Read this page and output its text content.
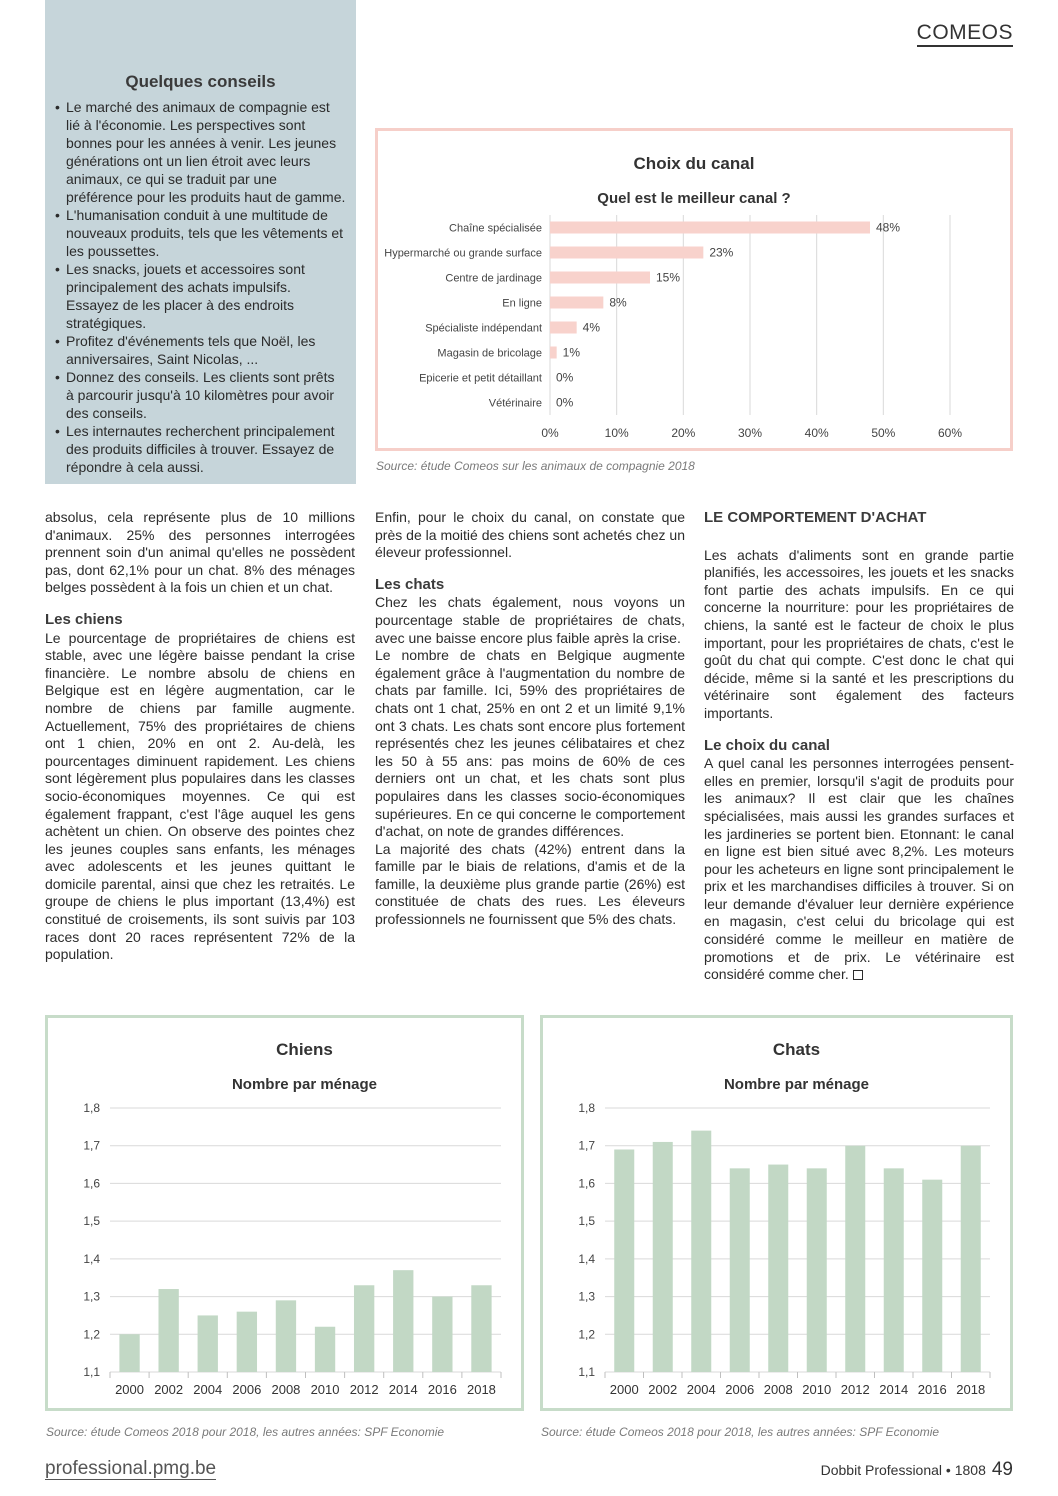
COMEOS
Quelques conseils
• Le marché des animaux de compagnie est lié à l'économie. Les perspectives sont bonnes pour les années à venir. Les jeunes générations ont un lien étroit avec leurs animaux, ce qui se traduit par une préférence pour les produits haut de gamme.
• L'humanisation conduit à une multitude de nouveaux produits, tels que les vêtements et les poussettes.
• Les snacks, jouets et accessoires sont principalement des achats impulsifs. Essayez de les placer à des endroits stratégiques.
• Profitez d'événements tels que Noël, les anniversaires, Saint Nicolas, ...
• Donnez des conseils. Les clients sont prêts à parcourir jusqu'à 10 kilomètres pour avoir des conseils.
• Les internautes recherchent principalement des produits difficiles à trouver. Essayez de répondre à cela aussi.
Choix du canal
Quel est le meilleur canal ?
0%	10%	20%	30%	40%	50%	60%
Chaîne spécialisée	48%
Hypermarché ou grande surface	23%
Centre de jardinage	15%
En ligne	8%
Spécialiste indépendant	4%
Magasin de bricolage 1%
Epicerie et petit détaillant 0%
Vétérinaire 0%
Source: étude Comeos sur les animaux de compagnie 2018

absolus, cela représente plus de 10 millions d'animaux. 25% des personnes interrogées prennent soin d'un animal qu'elles ne possèdent pas, dont 62,1% pour un chat. 8% des ménages belges possèdent à la fois un chien et un chat.

Les chiens

Le pourcentage de propriétaires de chiens est stable, avec une légère baisse pendant la crise financière. Le nombre absolu de chiens en Belgique est en légère augmentation, car le nombre de chiens par famille augmente. Actuellement, 75% des propriétaires de chiens ont 1 chien, 20% en ont 2. Au-delà, les pourcentages diminuent rapidement. Les chiens sont légèrement plus populaires dans les classes socio-économiques moyennes. Ce qui est également frappant, c'est l'âge auquel les gens achètent un chien. On observe des pointes chez les jeunes couples sans enfants, les ménages avec adolescents et les jeunes quittant le domicile parental, ainsi que chez les retraités. Le groupe de chiens le plus important (13,4%) est constitué de croisements, ils sont suivis par 103 races dont 20 races représentent 72% de la population.

Enfin, pour le choix du canal, on constate que près de la moitié des chiens sont achetés chez un éleveur professionnel.

Les chats

Chez les chats également, nous voyons un pourcentage stable de propriétaires de chats, avec une baisse encore plus faible après la crise.

Le nombre de chats en Belgique augmente également grâce à l'augmentation du nombre de chats par famille. Ici, 59% des propriétaires de chats ont 1 chat, 25% en ont 2 et un limité 9,1% ont 3 chats. Les chats sont encore plus fortement représentés chez les jeunes célibataires et chez les 50 à 55 ans: pas moins de 60% de ces derniers ont un chat, et les chats sont plus populaires dans les classes socio-économiques supérieures. En ce qui concerne le comportement d'achat, on note de grandes différences.

La majorité des chats (42%) entrent dans la famille par le biais de relations, d'amis et de la famille, la deuxième plus grande partie (26%) est constituée de chats des rues. Les éleveurs professionnels ne fournissent que 5% des chats.

LE COMPORTEMENT D'ACHAT

Les achats d'aliments sont en grande partie planifiés, les accessoires, les jouets et les snacks font partie des achats impulsifs. En ce qui concerne la nourriture: pour les propriétaires de chiens, la santé est le facteur de choix le plus important, pour les propriétaires de chats, c'est le goût du chat qui compte. C'est donc le chat qui décide, même si la santé et les prescriptions du vétérinaire sont également des facteurs importants.

Le choix du canal

A quel canal les personnes interrogées pensent-elles en premier, lorsqu'il s'agit de produits pour les animaux? Il est clair que les chaînes spécialisées, mais aussi les grandes surfaces et les jardineries se portent bien. Etonnant: le canal en ligne est bien situé avec 8,2%. Les moteurs pour les acheteurs en ligne sont principalement le prix et les marchandises difficiles à trouver. Si on leur demande d'évaluer leur dernière expérience en magasin, c'est celui du bricolage qui est considéré comme le meilleur en matière de promotions et de prix. Le vétérinaire est considéré comme cher.

Chiens
Nombre par ménage
1,1
1,2
1,3
1,4
1,5
1,6
1,7
1,8
2000 2002 2004 2006 2008 2010 2012 2014 2016 2018
Source: étude Comeos 2018 pour 2018, les autres années: SPF Economie
Chats
Nombre par ménage
1,1
1,2
1,3
1,4
1,5
1,6
1,7
1,8
2000 2002 2004 2006 2008 2010 2012 2014 2016 2018
Source: étude Comeos 2018 pour 2018, les autres années: SPF Economie
professional.pmg.be	Dobbit Professional • 1808 49
